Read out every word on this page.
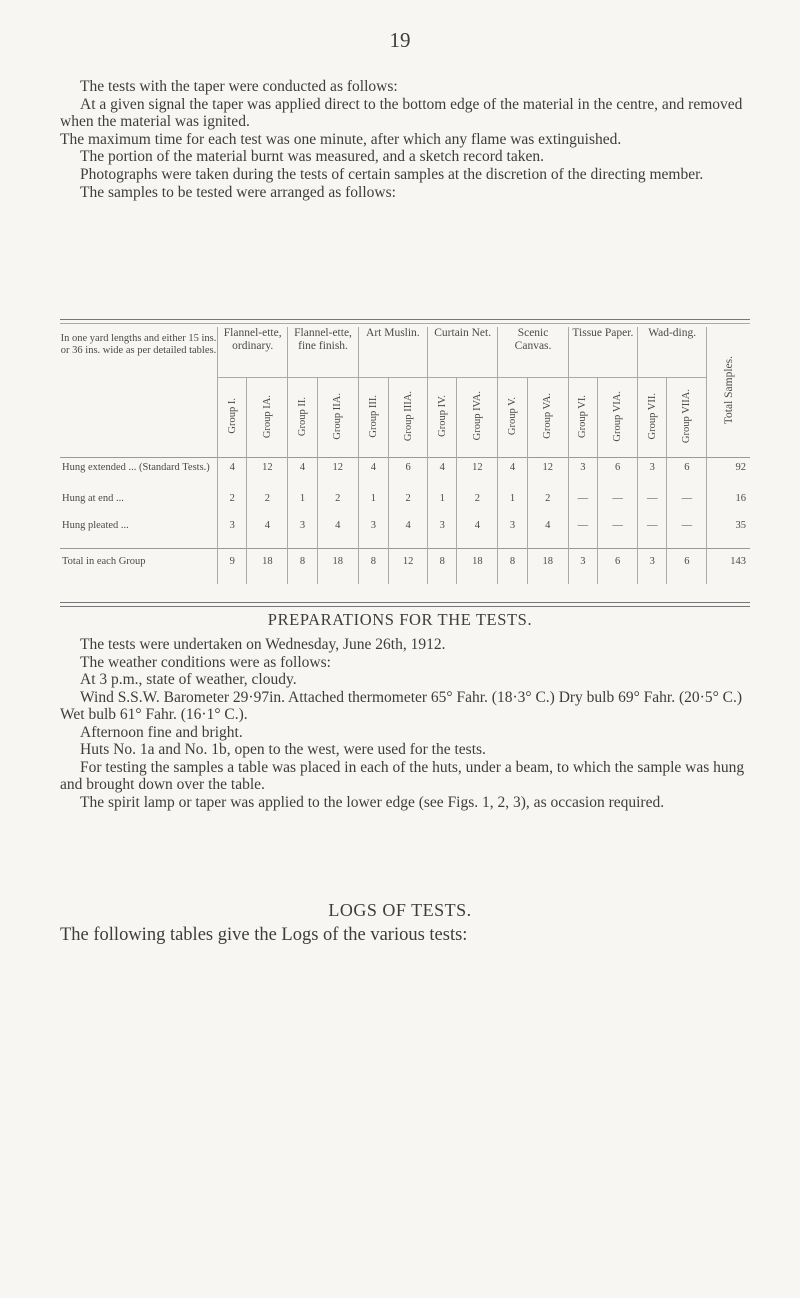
19

The tests with the taper were conducted as follows:

At a given signal the taper was applied direct to the bottom edge of the material in the centre, and removed when the material was ignited.

The maximum time for each test was one minute, after which any flame was extinguished.

The portion of the material burnt was measured, and a sketch record taken.

Photographs were taken during the tests of certain samples at the discretion of the directing member.

The samples to be tested were arranged as follows:

In one yard lengths and either 15 ins. or 36 ins. wide as per detailed tables.	Flannel-ette, ordinary.		Flannel-ette, fine finish.		Art Muslin.		Curtain Net.		Scenic Canvas.		Tissue Paper.		Wad-ding.		Total Samples.
	Group I.	Group IA.	Group II.	Group IIA.	Group III.	Group IIIA.	Group IV.	Group IVA.	Group V.	Group VA.	Group VI.	Group VIA.	Group VII.	Group VIIA.	
Hung extended ... (Standard Tests.)	4	12	4	12	4	6	4	12	4	12	3	6	3	6	92
Hung at end ...	2	2	1	2	1	2	1	2	1	2	—	—	—	—	16
Hung pleated ...	3	4	3	4	3	4	3	4	3	4	—	—	—	—	35
Total in each Group	9	18	8	18	8	12	8	18	8	18	3	6	3	6	143
PREPARATIONS FOR THE TESTS.

The tests were undertaken on Wednesday, June 26th, 1912.

The weather conditions were as follows:

At 3 p.m., state of weather, cloudy.

Wind S.S.W. Barometer 29·97in. Attached thermometer 65° Fahr. (18·3° C.) Dry bulb 69° Fahr. (20·5° C.) Wet bulb 61° Fahr. (16·1° C.).

Afternoon fine and bright.

Huts No. 1a and No. 1b, open to the west, were used for the tests.

For testing the samples a table was placed in each of the huts, under a beam, to which the sample was hung and brought down over the table.

The spirit lamp or taper was applied to the lower edge (see Figs. 1, 2, 3), as occasion required.

LOGS OF TESTS.
The following tables give the Logs of the various tests:
